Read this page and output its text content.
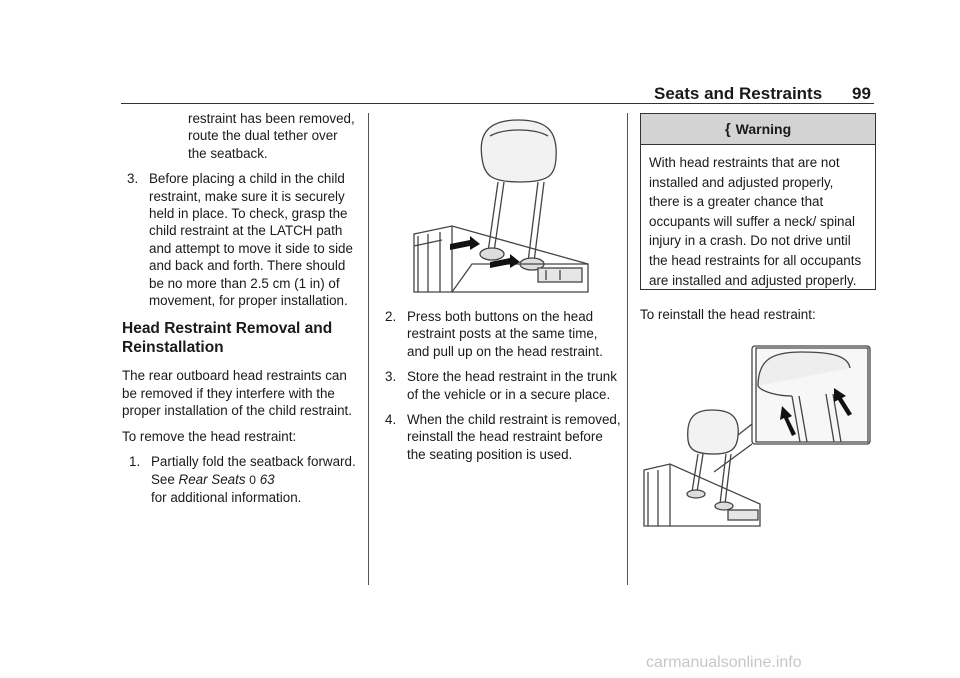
Seats and Restraints 99

restraint has been removed, route the dual tether over the seatback.

3. Before placing a child in the child restraint, make sure it is securely held in place. To check, grasp the child restraint at the LATCH path and attempt to move it side to side and back and forth. There should be no more than 2.5 cm (1 in) of movement, for proper installation.
Head Restraint Removal and Reinstallation

The rear outboard head restraints can be removed if they interfere with the proper installation of the child restraint.

To remove the head restraint:

1. Partially fold the seatback forward. See Rear Seats 0 63
for additional information.
2. Press both buttons on the head restraint posts at the same time, and pull up on the head restraint.
3. Store the head restraint in the trunk of the vehicle or in a secure place.
4. When the child restraint is removed, reinstall the head restraint before the seating position is used.
{ Warning
With head restraints that are not installed and adjusted properly, there is a greater chance that occupants will suffer a neck/ spinal injury in a crash. Do not drive until the head restraints for all occupants are installed and adjusted properly.

To reinstall the head restraint:

carmanualsonline.info
